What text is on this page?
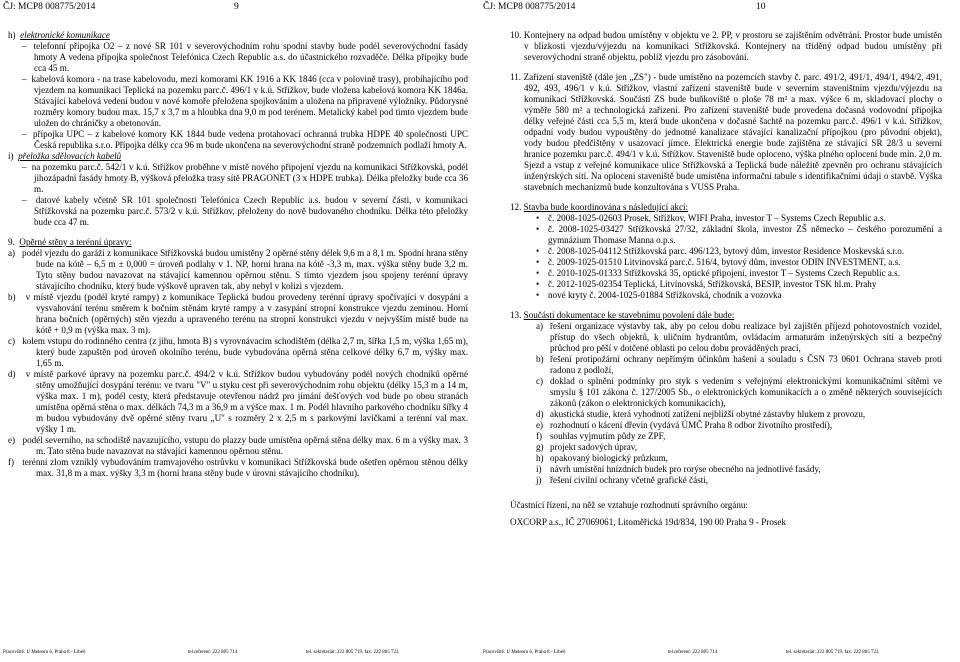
ČJ: MCP8 008775/2014	9

h) elektronické komunikace

–  telefonní přípojka O2 – z nové SR 101 v severovýchodním rohu spodní stavby bude podél severovýchodní fasády hmoty A vedena přípojka společnost Telefónica Czech Republic a.s. do účastnického rozvaděče. Délka přípojky bude cca 45 m.

–  kabelová komora - na trase kabelovodu, mezi komorami KK 1916 a KK 1846 (cca v polovině trasy), probíhajícího pod vjezdem na komunikaci Teplická na pozemku parc.č. 496/1 v k.ú. Střížkov, bude vložena kabelová komora KK 1846a. Stávající kabelová vedení budou v nové komoře přeložena spojkováním a uložena na připravené výložníky. Půdorysné rozměry komory budou max. 15,7 x 3,7 m a hloubka dna 9,0 m pod terénem. Metalický kabel pod tímto vjezdem bude uložen do chráničky a obetonován.

–  přípojka UPC – z kabelové komory KK 1844 bude vedena protahovací ochranná trubka HDPE 40 společnosti UPC Česká republika s.r.o. Přípojka délky cca 96 m bude ukončena na severovýchodní straně podzemních podlaží hmoty A.

i) přeložka sdělovacích kabelů

–  na pozemku parc.č. 542/1 v k.ú. Střížkov proběhne v místě nového připojení vjezdu na komunikaci Střížkovská, podél jihozápadní fasády hmoty B, výšková přeložka trasy sítě PRAGONET (3 x HDPE trubka). Délka přeložky bude cca 36 m.

–  datové kabely včetně SR 101 společnosti Telefónica Czech Republic a.s. budou v severní části, v komunikaci Střížkovská na pozemku parc.č. 573/2 v k.ú. Střížkov, přeloženy do nově budovaného chodníku. Délka této přeložky bude cca 47 m.

9. Opěrné stěny a terénní úpravy:

a) podél vjezdu do garáží z komunikace Střížkovská budou umístěny 2 opěrné stěny délek 9,6 m a 8,1 m. Spodní hrana stěny bude na kótě – 6,5 m ± 0,000 = úroveň podlahy v 1. NP, horní hrana na kótě -3,3 m, max. výška stěny bude 3,2 m. Tyto stěny budou navazovat na stávající kamennou opěrnou stěnu. S tímto vjezdem jsou spojeny terénní úpravy stávajícího chodníku, který bude výškově upraven tak, aby nebyl v kolizi s vjezdem.

b) v místě vjezdu (podél kryté rampy) z komunikace Teplická budou provedeny terénní úpravy spočívající v dosypání a vysvahování terénu směrem k bočním stěnám kryté rampy a v zasypání stropní konstrukce vjezdu zeminou. Horní hrana bočních (opěrných) stěn vjezdu a upraveného terénu na stropní konstrukci vjezdu v nejvyšším místě bude na kótě + 0,9 m (výška max. 3 m).

c) kolem vstupu do rodinného centra (z jihu, hmota B) s vyrovnávacím schodištěm (délka 2,7 m, šířka 1,5 m, výška 1,65 m), který bude zapuštěn pod úroveň okolního terénu, bude vybudována opěrná stěna celkové délky 6,7 m, výšky max. 1,65 m.

d) v místě parkové úpravy na pozemku parc.č. 494/2 v k.ú. Střížkov budou vybudovány podél nových chodníků opěrné stěny umožňující dosypání terénu: ve tvaru "V" u styku cest při severovýchodním rohu objektu (délky 15,3 m a 14 m, výška max. 1 m), podél cesty, která představuje otevřenou nádrž pro jímání dešťových vod bude po obou stranách umístěna opěrná stěna o max. délkách 74,3 m a 36,9 m a výšce max. 1 m. Podél hlavního parkového chodníku šířky 4 m budou vybudovány dvě opěrné stěny tvaru „U" s rozměry 2 x 2,5 m s parkovými lavičkami a terénní val max. výšky 1 m.

e) podél severního, na schodiště navazujícího, vstupu do plazzy bude umístěna opěrná stěna délky max. 6 m a výšky max. 3 m. Tato stěna bude navazovat na stávající kamennou opěrnou stěnu.

f) terénní zlom vzniklý vybudováním tramvajového ostrůvku v komunikaci Střížkovská bude ošetřen opěrnou stěnou délky max. 31,8 m a max. výšky 3,3 m (horní hrana stěny bude v úrovni stávajícího chodníku).

Pracoviště: U Meteoru 6, Praha 8 - Libeň	tel.referent: 222 805 714	tel. sekretariát: 222 805 719, fax: 222 805 723
ČJ: MCP8 008775/2014	10

10. Kontejnery na odpad budou umístěny v objektu ve 2. PP, v prostoru se zajištěním odvětrání. Prostor bude umístěn v blízkosti vjezdu/výjezdu na komunikaci Střížkovská. Kontejnery na tříděný odpad budou umístěny při severovýchodní straně objektu, poblíž vjezdu pro zásobování.

11. Zařízení staveniště (dále jen „ZS") - bude umístěno na pozemcích stavby č. parc. 491/2, 491/1, 494/1, 494/2, 491, 492, 493, 496/1 v k.ú. Střížkov, vlastní zařízení staveniště bude v severním staveništním vjezdu/výjezdu na komunikaci Střížkovská. Součástí ZS bude buňkoviště o ploše 78 m² a max. výšce 6 m, skladovací plochy o výměře 580 m² a technologická zařízení. Pro zařízení staveniště bude provedena dočasná vodovodní přípojka délky veřejné části cca 5,5 m, která bude ukončena v dočasné šachtě na pozemku parc.č. 496/1 v k.ú. Střížkov, odpadní vody budou vypouštěny do jednotné kanalizace stávající kanalizační přípojkou (pro původní objekt), vody budou předčištěny v usazovací jímce. Elektrická energie bude zajištěna ze stávající SR 28/3 u severní hranice pozemku parc.č. 494/1 v k.ú. Střížkov. Staveniště bude oploceno, výška plného oplocení bude min. 2,0 m. Sjezd a vstup z veřejné komunikace ulice Střížkovská a Teplická bude náležitě zpevněn pro ochranu stávajících inženýrských sítí. Na oplocení staveniště bude umístěna informační tabule s identifikačními údaji o stavbě. Výška stavebních mechanizmů bude konzultována s VUSS Praha.

12. Stavba bude koordinována s následující akcí:

• č. 2008-1025-02603 Prosek, Střížkov, WIFI Praha, investor T – Systems Czech Republic a.s.
• č. 2008-1025-03427 Střížkovská 27/32, základní škola, investor ZŠ německo – českého porozumění a gymnázium Thomase Manna o.p.s.
• č. 2008-1025-04112 Střížkovská parc. 496/123, bytový dům, investor Residence Moskevská s.r.o.
• č. 2009-1025-01510 Litvínovská parc.č. 516/4, bytový dům, investor ODIN INVESTMENT, a.s.
• č. 2010-1025-01333 Střížkovská 35, optické připojení, investor T – Systems Czech Republic a.s.
• č. 2012-1025-02354 Teplická, Litvínovská, Střížkovská, BESIP, investor TSK hl.m. Prahy
• nové kryty č. 2004-1025-01884 Střížkovská, chodník a vozovka

13. Součástí dokumentace ke stavebnímu povolení dále bude:

a) řešení organizace výstavby tak, aby po celou dobu realizace byl zajištěn příjezd pohotovostních vozidel, přístup do všech objektů, k uličním hydrantům, ovládacím armaturám inženýrských sítí a bezpečný průchod pro pěší v dotčené oblasti po celou dobu prováděných prací,
b) řešení protipožární ochrany nepřímým účinkům hašení a souladu s ČSN 73 0601 Ochrana staveb proti radonu z podloží,
c) doklad o splnění podmínky pro styk s vedením s veřejnými elektronickými komunikačními sítěmi ve smyslu § 101 zákona č. 127/2005 Sb., o elektronických komunikacích a o změně některých souvisejících zákonů (zákon o elektronických komunikacích),
d) akustická studie, která vyhodnotí zatížení nejbližší obytné zástavby hlukem z provozu,
e) rozhodnutí o kácení dřevin (vydává ÚMČ Praha 8 odbor životního prostředí),
f) souhlas vyjmutím půdy ze ZPF,
g) projekt sadových úprav,
h) opakovaný biologický průzkum,
i) návrh umístění hnízdních budek pro rorýse obecného na jednotlivé fasády,
j) řešení civilní ochrany včetně grafické části,

Účastníci řízení, na něž se vztahuje rozhodnutí správního orgánu:

OXCORP a.s., IČ 27069061, Litoměřická 19d/834, 190 00 Praha 9 - Prosek

Pracoviště: U Meteoru 6, Praha 8 - Libeň	tel.referent: 222 805 714	tel. sekretariát: 222 805 719, fax: 222 805 723
